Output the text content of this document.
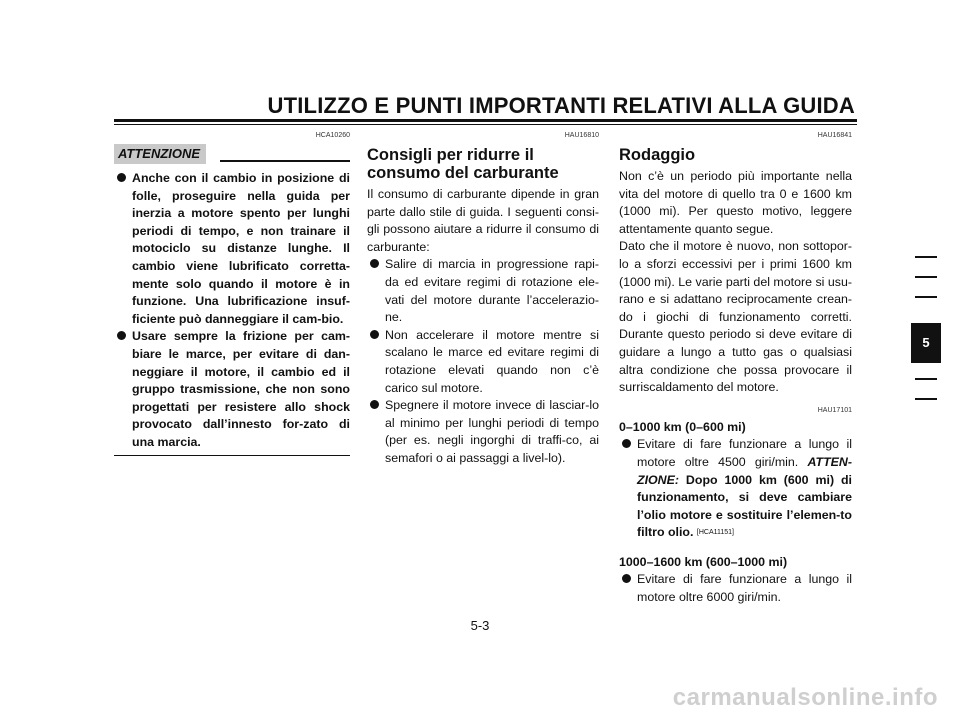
UTILIZZO E PUNTI IMPORTANTI RELATIVI ALLA GUIDA
HCA10260
ATTENZIONE
Anche con il cambio in posizione di folle, proseguire nella guida per inerzia a motore spento per lunghi periodi di tempo, e non trainare il motociclo su distanze lunghe. Il cambio viene lubrificato corretta-mente solo quando il motore è in funzione. Una lubrificazione insuf-ficiente può danneggiare il cam-bio.
Usare sempre la frizione per cam-biare le marce, per evitare di dan-neggiare il motore, il cambio ed il gruppo trasmissione, che non sono progettati per resistere allo shock provocato dall’innesto for-zato di una marcia.
HAU16810
Consigli per ridurre il consumo del carburante

Il consumo di carburante dipende in gran parte dallo stile di guida. I seguenti consi-gli possono aiutare a ridurre il consumo di carburante:

Salire di marcia in progressione rapi-da ed evitare regimi di rotazione ele-vati del motore durante l’accelerazio-ne.
Non accelerare il motore mentre si scalano le marce ed evitare regimi di rotazione elevati quando non c’è carico sul motore.
Spegnere il motore invece di lasciar-lo al minimo per lunghi periodi di tempo (per es. negli ingorghi di traffi-co, ai semafori o ai passaggi a livel-lo).
HAU16841
Rodaggio

Non c’è un periodo più importante nella vita del motore di quello tra 0 e 1600 km (1000 mi). Per questo motivo, leggere attentamente quanto segue.

Dato che il motore è nuovo, non sottopor-lo a sforzi eccessivi per i primi 1600 km (1000 mi). Le varie parti del motore si usu-rano e si adattano reciprocamente crean-do i giochi di funzionamento corretti. Durante questo periodo si deve evitare di guidare a lungo a tutto gas o qualsiasi altra condizione che possa provocare il surriscaldamento del motore.

HAU17101
0–1000 km (0–600 mi)
Evitare di fare funzionare a lungo il motore oltre 4500 giri/min. ATTEN-ZIONE: Dopo 1000 km (600 mi) di funzionamento, si deve cambiare l’olio motore e sostituire l’elemen-to filtro olio. [HCA11151]
1000–1600 km (600–1000 mi)
Evitare di fare funzionare a lungo il motore oltre 6000 giri/min.
5
5-3
carmanualsonline.info
